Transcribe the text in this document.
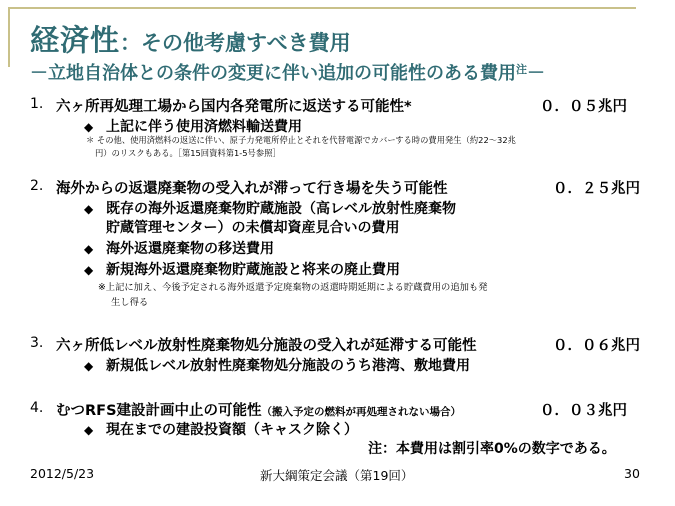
経済性：その他考慮すべき費用
－立地自治体との条件の変更に伴い追加の可能性のある費用$^注$－
1. 六ヶ所再処理工場から国内各発電所に返送する可能性*	０．０５兆円
◆ 上記に伴う使用済燃料輸送費用
＊ その他、使用済燃料の返送に伴い、原子力発電所停止とそれを代替電源でカバーする時の費用発生（約22～32兆
円）のリスクもある。［第15回資料第1-5号参照］
2. 海外からの返還廃棄物の受入れが滞って行き場を失う可能性	０．２５兆円
◆ 既存の海外返還廃棄物貯蔵施設（高レベル放射性廃棄物
貯蔵管理センター）の未償却資産見合いの費用
◆ 海外返還廃棄物の移送費用
◆ 新規海外返還廃棄物貯蔵施設と将来の廃止費用
※上記に加え、今後予定される海外返還予定廃棄物の返還時期延期による貯蔵費用の追加も発
生し得る
3. 六ヶ所低レベル放射性廃棄物処分施設の受入れが延滞する可能性	０．０６兆円
◆ 新規低レベル放射性廃棄物処分施設のうち港湾、敷地費用
4. むつRFS建設計画中止の可能性（搬入予定の燃料が再処理されない場合）	０．０３兆円
◆ 現在までの建設投資額（キャスク除く）
注：本費用は割引率0%の数字である。
2012/5/23	新大綱策定会議（第19回）	30
